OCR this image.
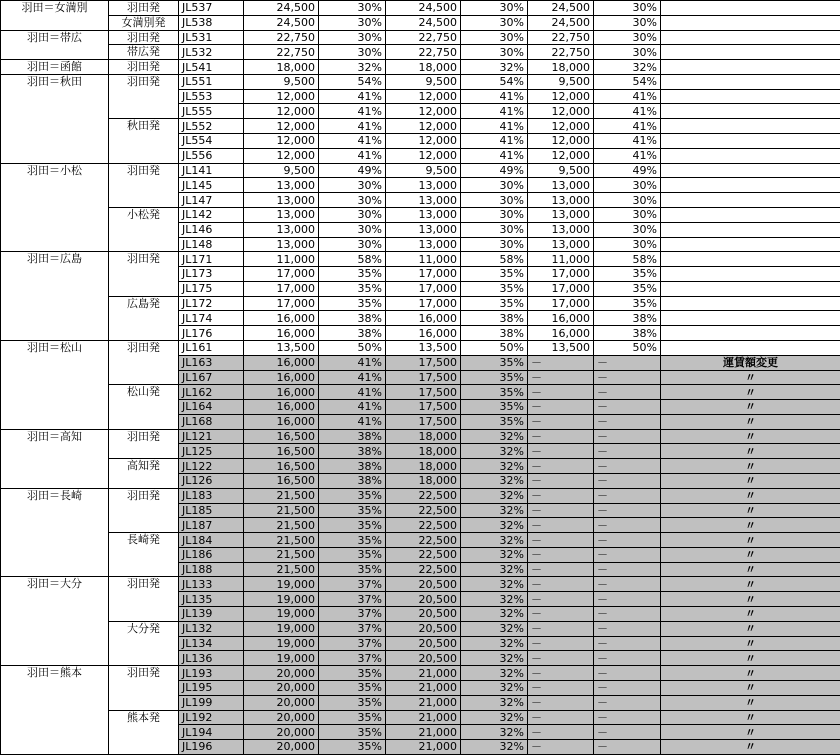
羽田＝女満別	羽田発	JL537	24,500	30%	24,500	30%	24,500	30%	
	女満別発	JL538	24,500	30%	24,500	30%	24,500	30%	
羽田＝帯広	羽田発	JL531	22,750	30%	22,750	30%	22,750	30%	
	帯広発	JL532	22,750	30%	22,750	30%	22,750	30%	
羽田＝函館	羽田発	JL541	18,000	32%	18,000	32%	18,000	32%	
羽田＝秋田	羽田発	JL551	9,500	54%	9,500	54%	9,500	54%	
		JL553	12,000	41%	12,000	41%	12,000	41%	
		JL555	12,000	41%	12,000	41%	12,000	41%	
	秋田発	JL552	12,000	41%	12,000	41%	12,000	41%	
		JL554	12,000	41%	12,000	41%	12,000	41%	
		JL556	12,000	41%	12,000	41%	12,000	41%	
羽田＝小松	羽田発	JL141	9,500	49%	9,500	49%	9,500	49%	
		JL145	13,000	30%	13,000	30%	13,000	30%	
		JL147	13,000	30%	13,000	30%	13,000	30%	
	小松発	JL142	13,000	30%	13,000	30%	13,000	30%	
		JL146	13,000	30%	13,000	30%	13,000	30%	
		JL148	13,000	30%	13,000	30%	13,000	30%	
羽田＝広島	羽田発	JL171	11,000	58%	11,000	58%	11,000	58%	
		JL173	17,000	35%	17,000	35%	17,000	35%	
		JL175	17,000	35%	17,000	35%	17,000	35%	
	広島発	JL172	17,000	35%	17,000	35%	17,000	35%	
		JL174	16,000	38%	16,000	38%	16,000	38%	
		JL176	16,000	38%	16,000	38%	16,000	38%	
羽田＝松山	羽田発	JL161	13,500	50%	13,500	50%	13,500	50%	
		JL163	16,000	41%	17,500	35%	－	－	運賃額変更
		JL167	16,000	41%	17,500	35%	－	－	〃
	松山発	JL162	16,000	41%	17,500	35%	－	－	〃
		JL164	16,000	41%	17,500	35%	－	－	〃
		JL168	16,000	41%	17,500	35%	－	－	〃
羽田＝高知	羽田発	JL121	16,500	38%	18,000	32%	－	－	〃
		JL125	16,500	38%	18,000	32%	－	－	〃
	高知発	JL122	16,500	38%	18,000	32%	－	－	〃
		JL126	16,500	38%	18,000	32%	－	－	〃
羽田＝長崎	羽田発	JL183	21,500	35%	22,500	32%	－	－	〃
		JL185	21,500	35%	22,500	32%	－	－	〃
		JL187	21,500	35%	22,500	32%	－	－	〃
	長崎発	JL184	21,500	35%	22,500	32%	－	－	〃
		JL186	21,500	35%	22,500	32%	－	－	〃
		JL188	21,500	35%	22,500	32%	－	－	〃
羽田＝大分	羽田発	JL133	19,000	37%	20,500	32%	－	－	〃
		JL135	19,000	37%	20,500	32%	－	－	〃
		JL139	19,000	37%	20,500	32%	－	－	〃
	大分発	JL132	19,000	37%	20,500	32%	－	－	〃
		JL134	19,000	37%	20,500	32%	－	－	〃
		JL136	19,000	37%	20,500	32%	－	－	〃
羽田＝熊本	羽田発	JL193	20,000	35%	21,000	32%	－	－	〃
		JL195	20,000	35%	21,000	32%	－	－	〃
		JL199	20,000	35%	21,000	32%	－	－	〃
	熊本発	JL192	20,000	35%	21,000	32%	－	－	〃
		JL194	20,000	35%	21,000	32%	－	－	〃
		JL196	20,000	35%	21,000	32%	－	－	〃
